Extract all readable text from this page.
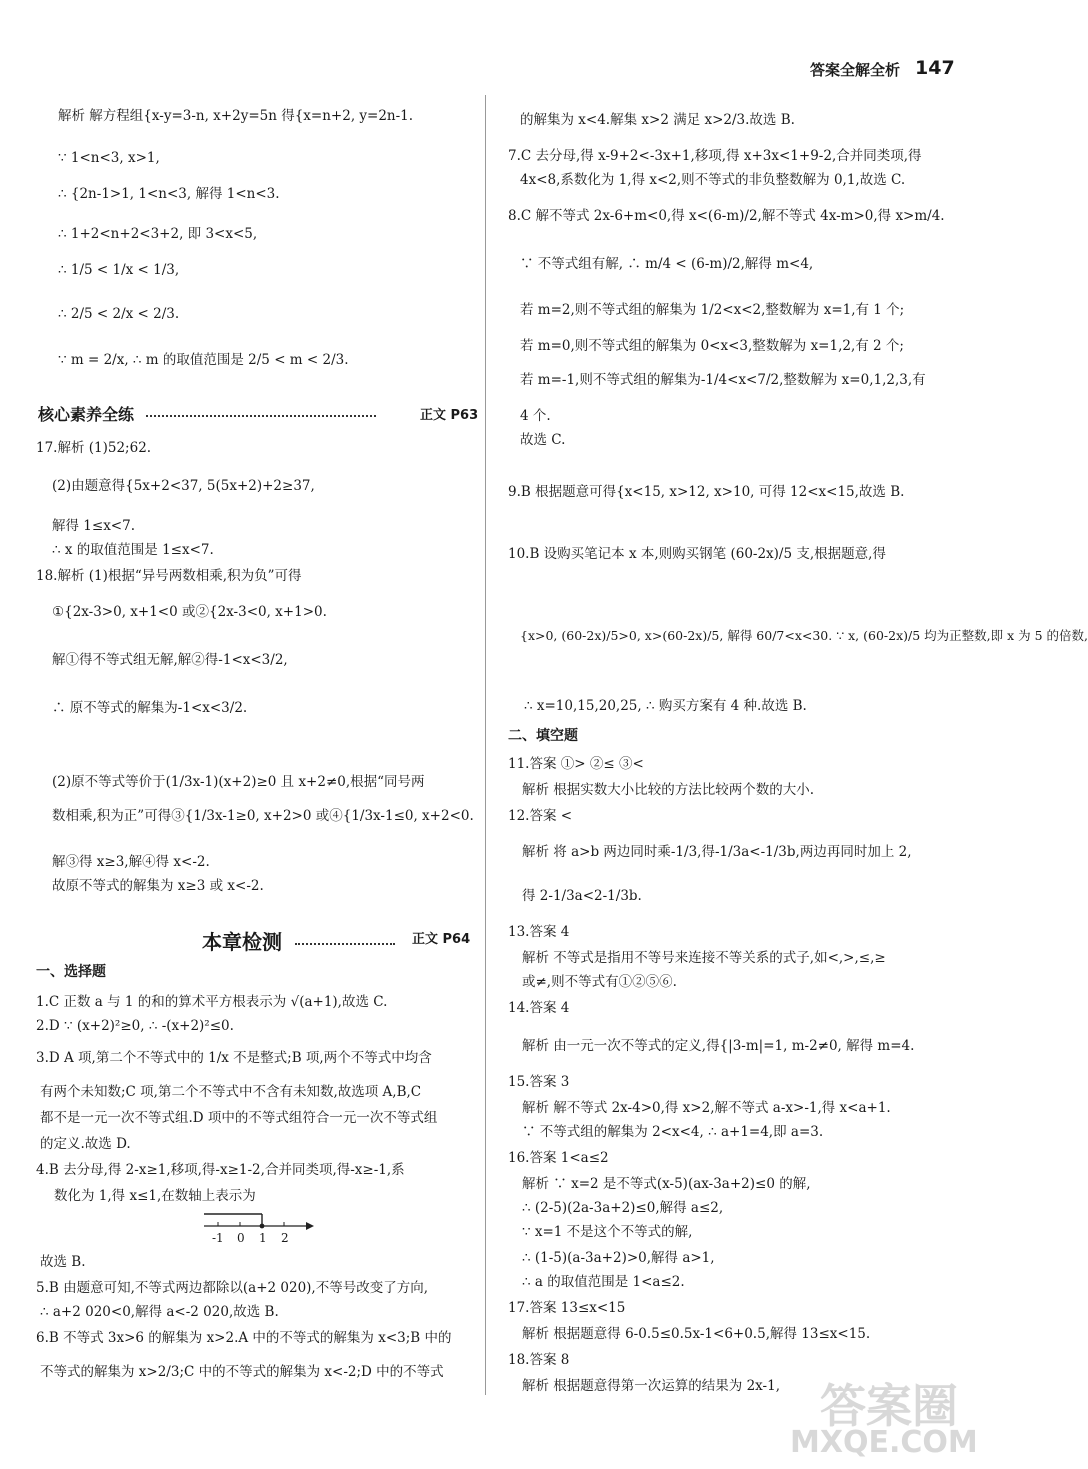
答案全解全析 147
解析 解方程组{x-y=3-n, x+2y=5n 得{x=n+2, y=2n-1.
∵ 1<n<3, x>1,
∴ {2n-1>1, 1<n<3, 解得 1<n<3.
∴ 1+2<n+2<3+2, 即 3<x<5,
∴ 1/5 < 1/x < 1/3,
∴ 2/5 < 2/x < 2/3.
∵ m = 2/x, ∴ m 的取值范围是 2/5 < m < 2/3.
核心素养全练	正文 P63
17.解析 (1)52;62.
(2)由题意得{5x+2<37, 5(5x+2)+2≥37,
解得 1≤x<7.
∴ x 的取值范围是 1≤x<7.
18.解析 (1)根据“异号两数相乘,积为负”可得
①{2x-3>0, x+1<0 或②{2x-3<0, x+1>0.
解①得不等式组无解,解②得-1<x<3/2,
∴ 原不等式的解集为-1<x<3/2.
(2)原不等式等价于(1/3x-1)(x+2)≥0 且 x+2≠0,根据“同号两
数相乘,积为正”可得③{1/3x-1≥0, x+2>0 或④{1/3x-1≤0, x+2<0.
解③得 x≥3,解④得 x<-2.
故原不等式的解集为 x≥3 或 x<-2.
本章检测	正文 P64
一、选择题
1.C 正数 a 与 1 的和的算术平方根表示为 √(a+1),故选 C.
2.D ∵ (x+2)²≥0, ∴ -(x+2)²≤0.
3.D A 项,第二个不等式中的 1/x 不是整式;B 项,两个不等式中均含
有两个未知数;C 项,第二个不等式中不含有未知数,故选项 A,B,C
都不是一元一次不等式组.D 项中的不等式组符合一元一次不等式组
的定义.故选 D.
4.B 去分母,得 2-x≥1,移项,得-x≥1-2,合并同类项,得-x≥-1,系
数化为 1,得 x≤1,在数轴上表示为
-1 0 1 2
故选 B.
5.B 由题意可知,不等式两边都除以(a+2 020),不等号改变了方向,
∴ a+2 020<0,解得 a<-2 020,故选 B.
6.B 不等式 3x>6 的解集为 x>2.A 中的不等式的解集为 x<3;B 中的
不等式的解集为 x>2/3;C 中的不等式的解集为 x<-2;D 中的不等式
的解集为 x<4.解集 x>2 满足 x>2/3.故选 B.
7.C 去分母,得 x-9+2<-3x+1,移项,得 x+3x<1+9-2,合并同类项,得
4x<8,系数化为 1,得 x<2,则不等式的非负整数解为 0,1,故选 C.
8.C 解不等式 2x-6+m<0,得 x<(6-m)/2,解不等式 4x-m>0,得 x>m/4.
∵ 不等式组有解, ∴ m/4 < (6-m)/2,解得 m<4,
若 m=2,则不等式组的解集为 1/2<x<2,整数解为 x=1,有 1 个;
若 m=0,则不等式组的解集为 0<x<3,整数解为 x=1,2,有 2 个;
若 m=-1,则不等式组的解集为-1/4<x<7/2,整数解为 x=0,1,2,3,有
4 个.
故选 C.
9.B 根据题意可得{x<15, x>12, x>10, 可得 12<x<15,故选 B.
10.B 设购买笔记本 x 本,则购买钢笔 (60-2x)/5 支,根据题意,得
{x>0, (60-2x)/5>0, x>(60-2x)/5, 解得 60/7<x<30. ∵ x, (60-2x)/5 均为正整数,即 x 为 5 的倍数,
∴ x=10,15,20,25, ∴ 购买方案有 4 种.故选 B.
二、填空题
11.答案 ①> ②≤ ③<
解析 根据实数大小比较的方法比较两个数的大小.
12.答案 <
解析 将 a>b 两边同时乘-1/3,得-1/3a<-1/3b,两边再同时加上 2,
得 2-1/3a<2-1/3b.
13.答案 4
解析 不等式是指用不等号来连接不等关系的式子,如<,>,≤,≥
或≠,则不等式有①②⑤⑥.
14.答案 4
解析 由一元一次不等式的定义,得{|3-m|=1, m-2≠0, 解得 m=4.
15.答案 3
解析 解不等式 2x-4>0,得 x>2,解不等式 a-x>-1,得 x<a+1.
∵ 不等式组的解集为 2<x<4, ∴ a+1=4,即 a=3.
16.答案 1<a≤2
解析 ∵ x=2 是不等式(x-5)(ax-3a+2)≤0 的解,
∴ (2-5)(2a-3a+2)≤0,解得 a≤2,
∵ x=1 不是这个不等式的解,
∴ (1-5)(a-3a+2)>0,解得 a>1,
∴ a 的取值范围是 1<a≤2.
17.答案 13≤x<15
解析 根据题意得 6-0.5≤0.5x-1<6+0.5,解得 13≤x<15.
18.答案 8
解析 根据题意得第一次运算的结果为 2x-1, 答案圈
MXQE.COM
